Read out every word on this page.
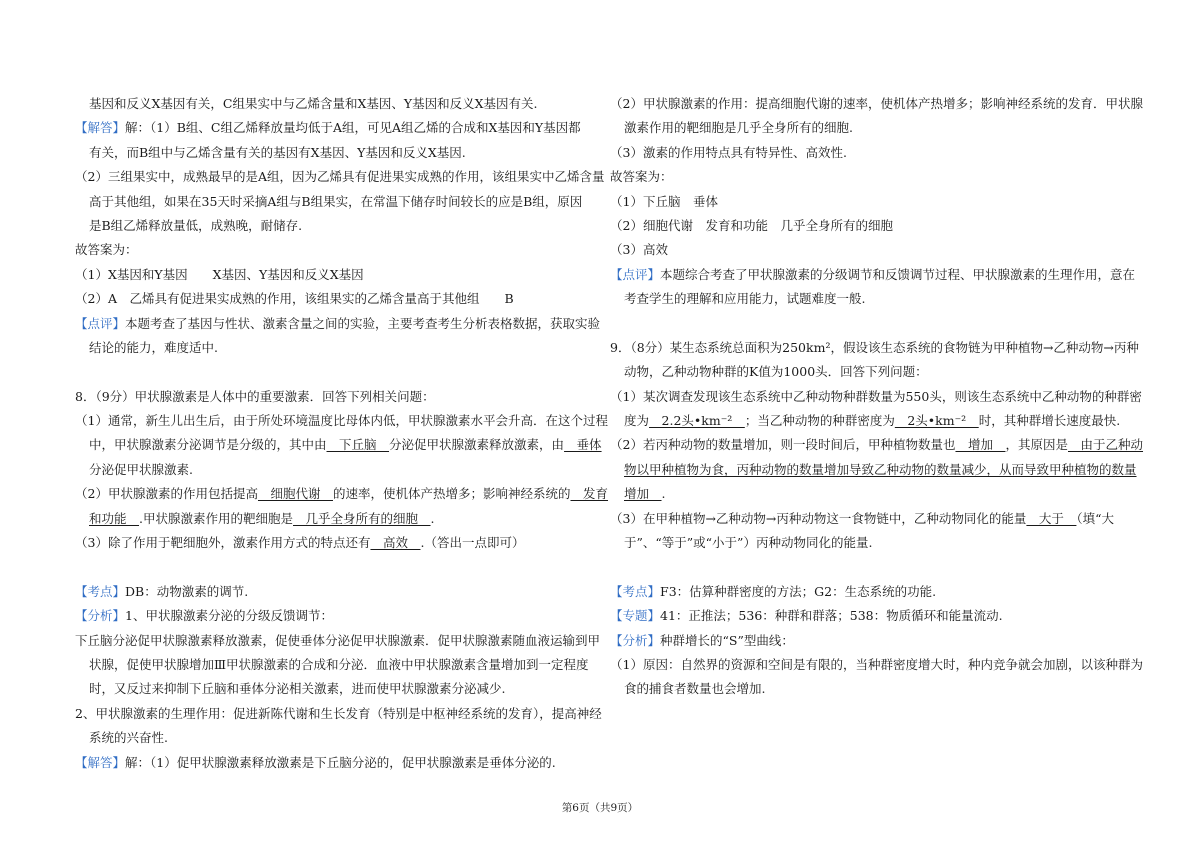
基因和反义X基因有关，C组果实中与乙烯含量和X基因、Y基因和反义X基因有关.
【解答】解：（1）B组、C组乙烯释放量均低于A组，可见A组乙烯的合成和X基因和Y基因都
有关，而B组中与乙烯含量有关的基因有X基因、Y基因和反义X基因.
（2）三组果实中，成熟最早的是A组，因为乙烯具有促进果实成熟的作用，该组果实中乙烯含量
高于其他组，如果在35天时采摘A组与B组果实，在常温下储存时间较长的应是B组，原因
是B组乙烯释放量低，成熟晚，耐储存.
故答案为：
（1）X基因和Y基因　　X基因、Y基因和反义X基因
（2）A　乙烯具有促进果实成熟的作用，该组果实的乙烯含量高于其他组　　B
【点评】本题考查了基因与性状、激素含量之间的实验，主要考查考生分析表格数据，获取实验
结论的能力，难度适中.
8．（9分）甲状腺激素是人体中的重要激素．回答下列相关问题：
（1）通常，新生儿出生后，由于所处环境温度比母体内低，甲状腺激素水平会升高．在这个过程
中，甲状腺激素分泌调节是分级的，其中由　下丘脑　分泌促甲状腺激素释放激素，由　垂体
分泌促甲状腺激素.
（2）甲状腺激素的作用包括提高　细胞代谢　的速率，使机体产热增多；影响神经系统的　发育
和功能　.甲状腺激素作用的靶细胞是　几乎全身所有的细胞　.
（3）除了作用于靶细胞外，激素作用方式的特点还有　高效　.（答出一点即可）
【考点】DB：动物激素的调节.
【分析】1、甲状腺激素分泌的分级反馈调节：
下丘脑分泌促甲状腺激素释放激素，促使垂体分泌促甲状腺激素．促甲状腺激素随血液运输到甲
状腺，促使甲状腺增加Ⅲ甲状腺激素的合成和分泌．血液中甲状腺激素含量增加到一定程度
时，又反过来抑制下丘脑和垂体分泌相关激素，进而使甲状腺激素分泌减少.
2、甲状腺激素的生理作用：促进新陈代谢和生长发育（特别是中枢神经系统的发育），提高神经
系统的兴奋性.
【解答】解：（1）促甲状腺激素释放激素是下丘脑分泌的，促甲状腺激素是垂体分泌的.
（2）甲状腺激素的作用：提高细胞代谢的速率，使机体产热增多；影响神经系统的发育．甲状腺
激素作用的靶细胞是几乎全身所有的细胞.
（3）激素的作用特点具有特异性、高效性.
故答案为：
（1）下丘脑　垂体
（2）细胞代谢　发育和功能　几乎全身所有的细胞
（3）高效
【点评】本题综合考查了甲状腺激素的分级调节和反馈调节过程、甲状腺激素的生理作用，意在
考查学生的理解和应用能力，试题难度一般.
9．（8分）某生态系统总面积为250km²，假设该生态系统的食物链为甲种植物→乙种动物→丙种
动物，乙种动物种群的K值为1000头．回答下列问题：
（1）某次调查发现该生态系统中乙种动物种群数量为550头，则该生态系统中乙种动物的种群密
度为　2.2头•km⁻²　；当乙种动物的种群密度为　2头•km⁻²　时，其种群增长速度最快.
（2）若丙种动物的数量增加，则一段时间后，甲种植物数量也　增加　，其原因是　由于乙种动
物以甲种植物为食，丙种动物的数量增加导致乙种动物的数量减少，从而导致甲种植物的数量
增加　.
（3）在甲种植物→乙种动物→丙种动物这一食物链中，乙种动物同化的能量　大于　（填“大
于”、“等于”或“小于”）丙种动物同化的能量.
【考点】F3：估算种群密度的方法；G2：生态系统的功能.
【专题】41：正推法；536：种群和群落；538：物质循环和能量流动.
【分析】种群增长的“S”型曲线：
（1）原因：自然界的资源和空间是有限的，当种群密度增大时，种内竞争就会加剧，以该种群为
食的捕食者数量也会增加.
第6页（共9页）
